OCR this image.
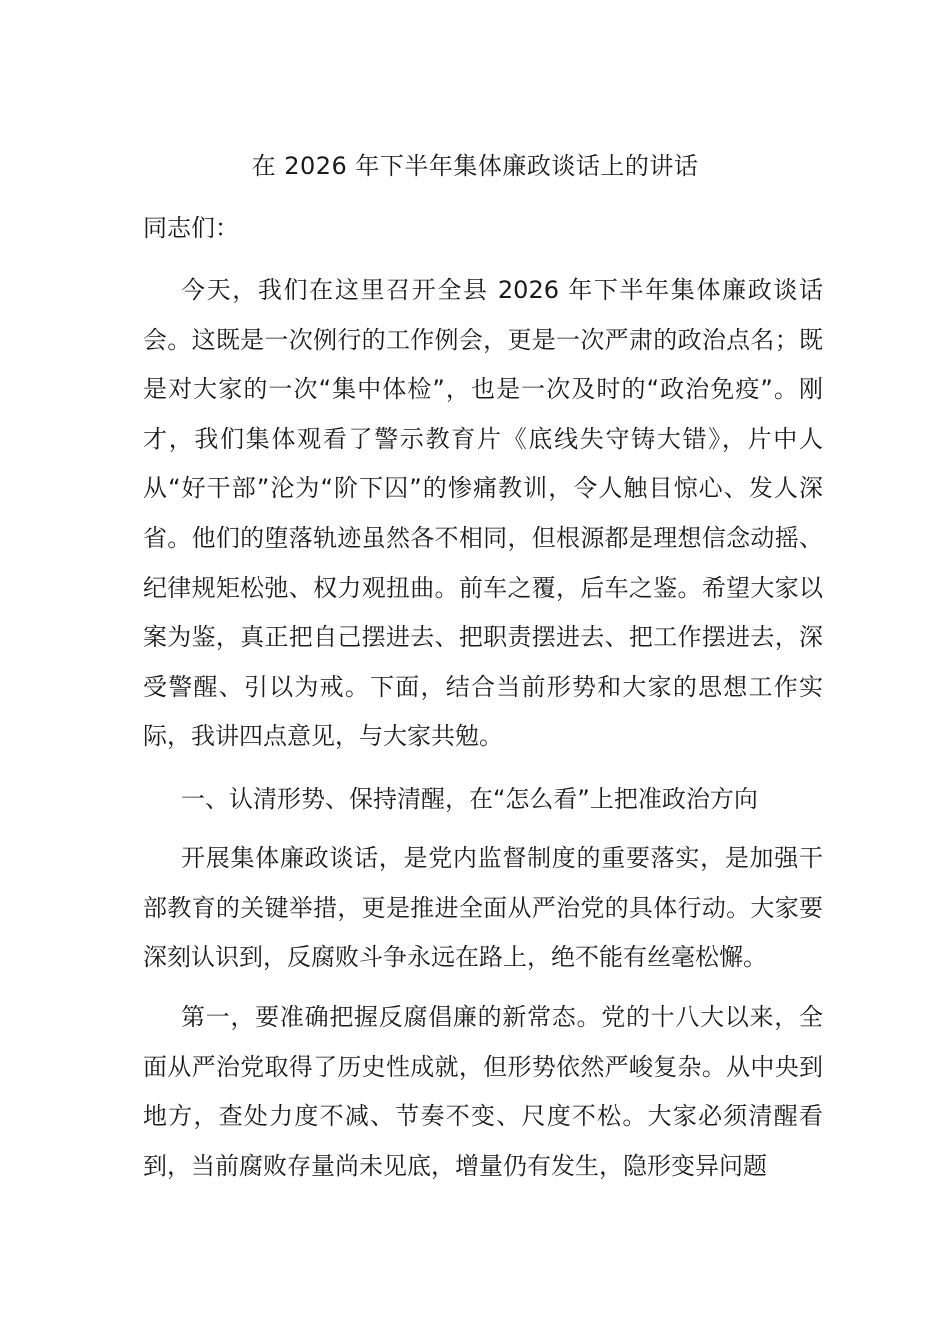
在 2026 年下半年集体廉政谈话上的讲话
同志们：

今天，我们在这里召开全县 2026 年下半年集体廉政谈话会。这既是一次例行的工作例会，更是一次严肃的政治点名；既是对大家的一次“集中体检”，也是一次及时的“政治免疫”。刚才，我们集体观看了警示教育片《底线失守铸大错》，片中人从“好干部”沦为“阶下囚”的惨痛教训，令人触目惊心、发人深省。他们的堕落轨迹虽然各不相同，但根源都是理想信念动摇、纪律规矩松弛、权力观扭曲。前车之覆，后车之鉴。希望大家以案为鉴，真正把自己摆进去、把职责摆进去、把工作摆进去，深受警醒、引以为戒。下面，结合当前形势和大家的思想工作实际，我讲四点意见，与大家共勉。

一、认清形势、保持清醒，在“怎么看”上把准政治方向

开展集体廉政谈话，是党内监督制度的重要落实，是加强干部教育的关键举措，更是推进全面从严治党的具体行动。大家要深刻认识到，反腐败斗争永远在路上，绝不能有丝毫松懈。

第一，要准确把握反腐倡廉的新常态。党的十八大以来，全面从严治党取得了历史性成就，但形势依然严峻复杂。从中央到地方，查处力度不减、节奏不变、尺度不松。大家必须清醒看到，当前腐败存量尚未见底，增量仍有发生，隐形变异问题
